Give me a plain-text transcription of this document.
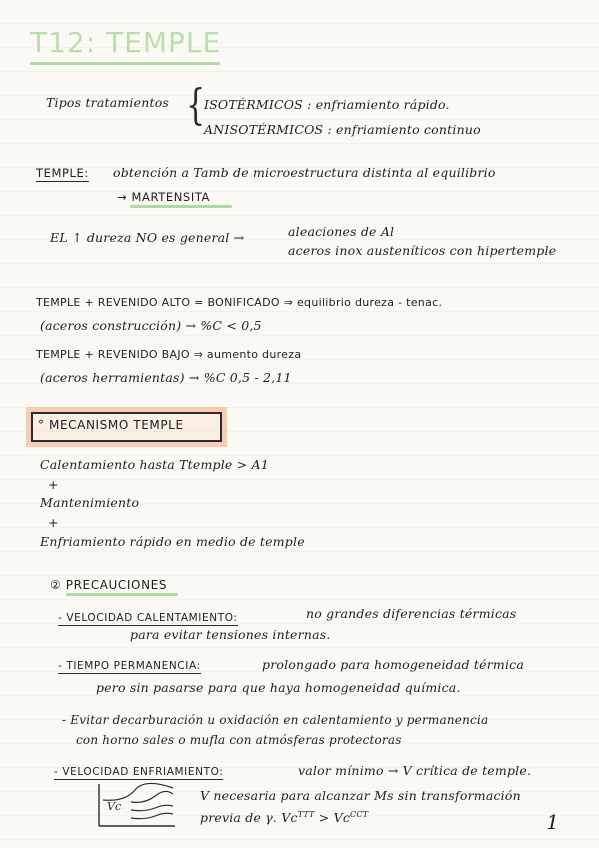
T12: TEMPLE
Tipos tratamientos {
ISOTÉRMICOS : enfriamiento rápido.
ANISOTÉRMICOS : enfriamiento continuo
TEMPLE: obtención a Tamb de microestructura distinta al equilibrio
→ MARTENSITA
EL ↑ dureza NO es general →	aleaciones de Al
aceros inox austeníticos con hipertemple
TEMPLE + REVENIDO ALTO = BONIFICADO ⇒ equilibrio dureza - tenac.
(aceros construcción) → %C < 0,5
TEMPLE + REVENIDO BAJO ⇒ aumento dureza
(aceros herramientas) → %C 0,5 - 2,11
° MECANISMO TEMPLE
Calentamiento hasta Ttemple > A1
+
Mantenimiento
+
Enfriamiento rápido en medio de temple
② PRECAUCIONES
- VELOCIDAD CALENTAMIENTO:	no grandes diferencias térmicas
para evitar tensiones internas.
- TIEMPO PERMANENCIA:	prolongado para homogeneidad térmica
pero sin pasarse para que haya homogeneidad química.
- Evitar decarburación u oxidación en calentamiento y permanencia
con horno sales o mufla con atmósferas protectoras
- VELOCIDAD ENFRIAMIENTO:	valor mínimo → V crítica de temple.
V necesaria para alcanzar Ms sin transformación
previa de γ. $Vc^{TTT} > Vc^{CCT}$
Vc
1
